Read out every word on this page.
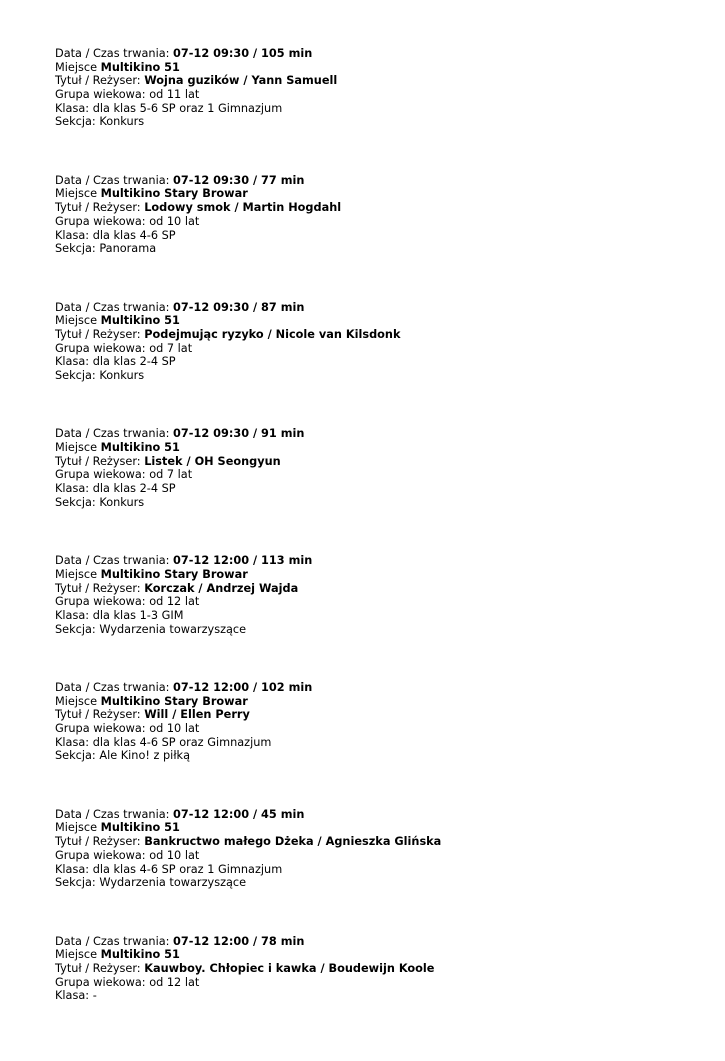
Data / Czas trwania: 07-12 09:30 / 105 min
Miejsce Multikino 51
Tytuł / Reżyser: Wojna guzików / Yann Samuell
Grupa wiekowa: od 11 lat
Klasa: dla klas 5-6 SP oraz 1 Gimnazjum
Sekcja: Konkurs
Data / Czas trwania: 07-12 09:30 / 77 min
Miejsce Multikino Stary Browar
Tytuł / Reżyser: Lodowy smok / Martin Hogdahl
Grupa wiekowa: od 10 lat
Klasa: dla klas 4-6 SP
Sekcja: Panorama
Data / Czas trwania: 07-12 09:30 / 87 min
Miejsce Multikino 51
Tytuł / Reżyser: Podejmując ryzyko / Nicole van Kilsdonk
Grupa wiekowa: od 7 lat
Klasa: dla klas 2-4 SP
Sekcja: Konkurs
Data / Czas trwania: 07-12 09:30 / 91 min
Miejsce Multikino 51
Tytuł / Reżyser: Listek / OH Seongyun
Grupa wiekowa: od 7 lat
Klasa: dla klas 2-4 SP
Sekcja: Konkurs
Data / Czas trwania: 07-12 12:00 / 113 min
Miejsce Multikino Stary Browar
Tytuł / Reżyser: Korczak / Andrzej Wajda
Grupa wiekowa: od 12 lat
Klasa: dla klas 1-3 GIM
Sekcja: Wydarzenia towarzyszące
Data / Czas trwania: 07-12 12:00 / 102 min
Miejsce Multikino Stary Browar
Tytuł / Reżyser: Will / Ellen Perry
Grupa wiekowa: od 10 lat
Klasa: dla klas 4-6 SP oraz Gimnazjum
Sekcja: Ale Kino! z piłką
Data / Czas trwania: 07-12 12:00 / 45 min
Miejsce Multikino 51
Tytuł / Reżyser: Bankructwo małego Dżeka / Agnieszka Glińska
Grupa wiekowa: od 10 lat
Klasa: dla klas 4-6 SP oraz 1 Gimnazjum
Sekcja: Wydarzenia towarzyszące
Data / Czas trwania: 07-12 12:00 / 78 min
Miejsce Multikino 51
Tytuł / Reżyser: Kauwboy. Chłopiec i kawka / Boudewijn Koole
Grupa wiekowa: od 12 lat
Klasa: -
